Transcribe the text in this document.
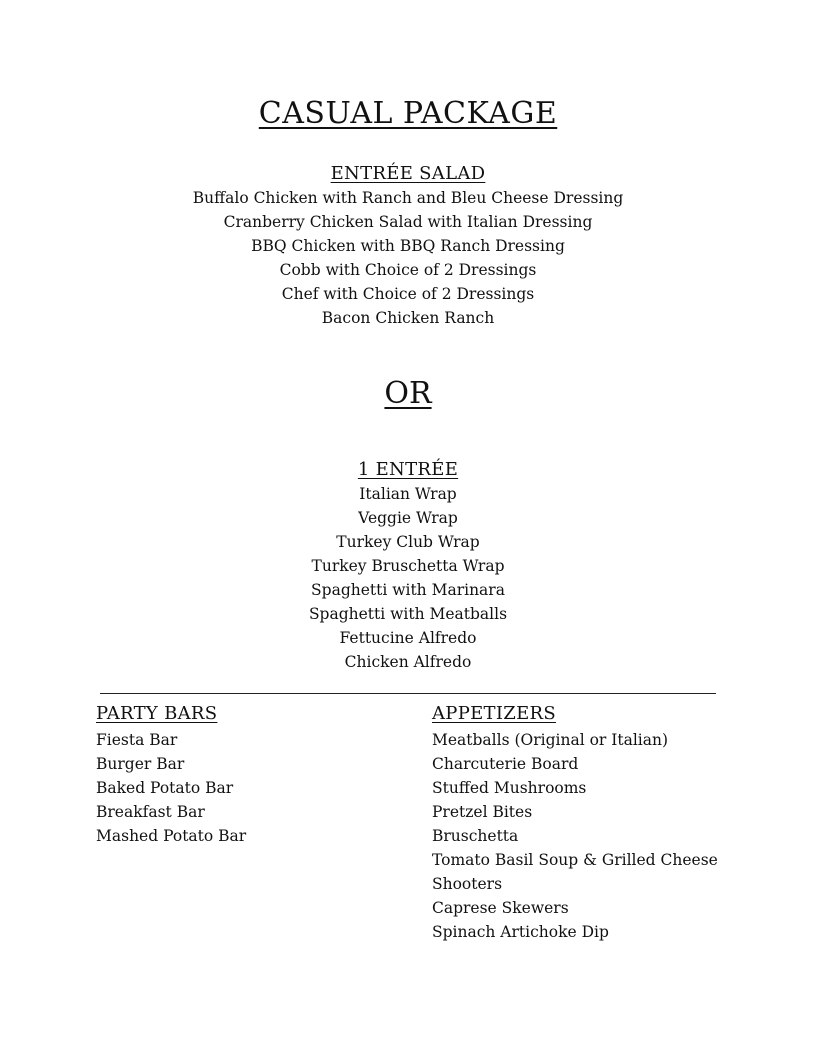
CASUAL PACKAGE
ENTRÉE SALAD
Buffalo Chicken with Ranch and Bleu Cheese Dressing
Cranberry Chicken Salad with Italian Dressing
BBQ Chicken with BBQ Ranch Dressing
Cobb with Choice of 2 Dressings
Chef with Choice of 2 Dressings
Bacon Chicken Ranch
OR
1 ENTRÉE
Italian Wrap
Veggie Wrap
Turkey Club Wrap
Turkey Bruschetta Wrap
Spaghetti with Marinara
Spaghetti with Meatballs
Fettucine Alfredo
Chicken Alfredo
PARTY BARS
Fiesta Bar
Burger Bar
Baked Potato Bar
Breakfast Bar
Mashed Potato Bar
APPETIZERS
Meatballs (Original or Italian)
Charcuterie Board
Stuffed Mushrooms
Pretzel Bites
Bruschetta
Tomato Basil Soup & Grilled Cheese
Shooters
Caprese Skewers
Spinach Artichoke Dip
